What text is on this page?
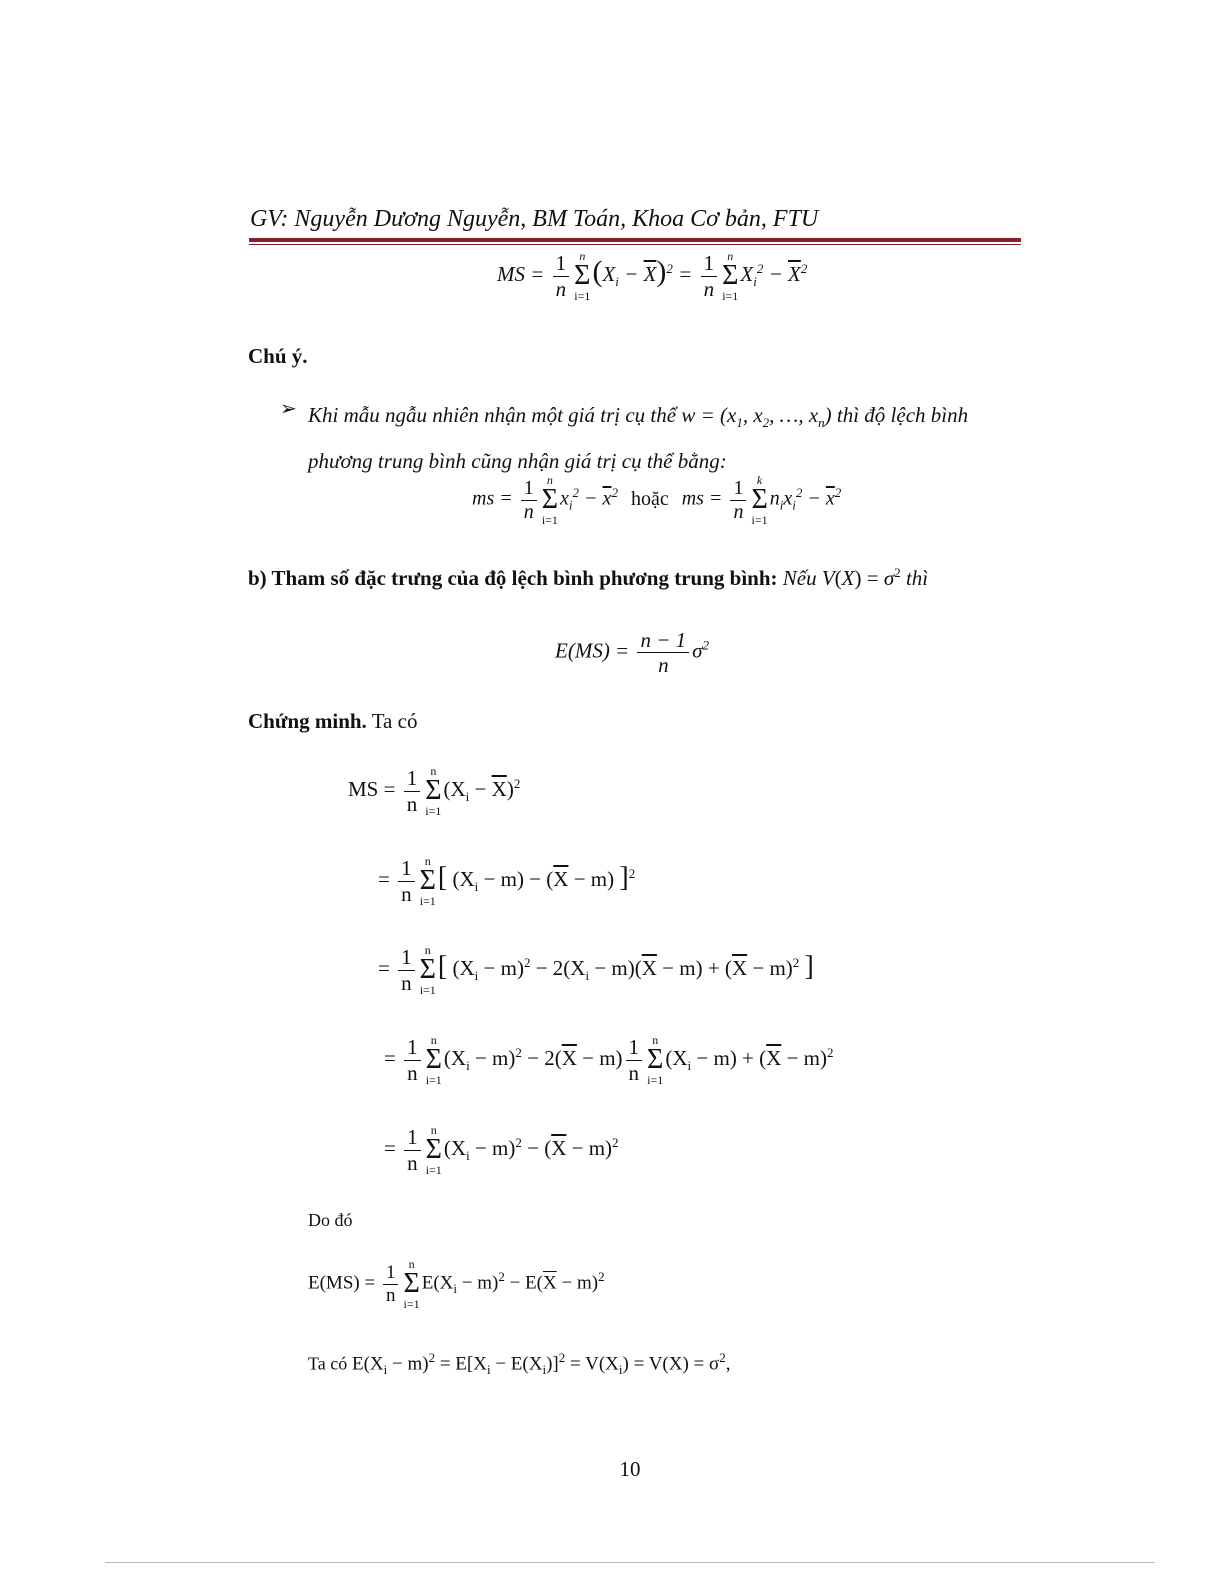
GV: Nguyễn Dương Nguyễn, BM Toán, Khoa Cơ bản, FTU
MS = $\frac{1}{n}$ n
Σ
i=1
$(X_i - \overline{X})^2 = \frac{1}{n}$ n
Σ
i=1
$X_i^2 - \overline{X}^2$
Chú ý.
➢ Khi mẫu ngẫu nhiên nhận một giá trị cụ thể $w = (x_1$, $x_2$, …, $x_n$) thì độ lệch bình phương trung bình cũng nhận giá trị cụ thể bằng:
ms = $\frac{1}{n}$ n
Σ
i=1
$x_i^2 - \overline{x}^2$ hoặc ms = $\frac{1}{n}$ k
Σ
i=1
$n_ix_i^2 - \overline{x}^2$
b) Tham số đặc trưng của độ lệch bình phương trung bình: Nếu $V(X) = \sigma^2$ thì
$E(MS) = \frac{n - 1}{n} \sigma^2$
Chứng minh. Ta có
MS = $\frac{1}{n}$ n
Σ
i=1
$(X_i - \overline{X})^2$
= $\frac{1}{n}$ n
Σ
i=1
[ $(X_i - m) - (\overline{X} - m)$ ]$^2$
= $\frac{1}{n}$ n
Σ
i=1
[ $(X_i - m)^2 - 2(X_i - m)(\overline{X} - m) + (\overline{X} - m)^2$ ]
= $\frac{1}{n}$ n
Σ
i=1
$(X_i - m)^2 - 2(\overline{X} - m) \frac{1}{n}$ n
Σ
i=1
$(X_i - m) + (\overline{X} - m)^2$
= $\frac{1}{n}$ n
Σ
i=1
$(X_i - m)^2 - (\overline{X} - m)^2$
Do đó
$E(MS) = \frac{1}{n}$ n
Σ
i=1
$E(X_i - m)^2 - E(\overline{X} - m)^2$
Ta có $E(X_i - m)^2 = E[X_i - E(X_i)]^2 = V(X_i) = V(X) = \sigma^2$,
10
